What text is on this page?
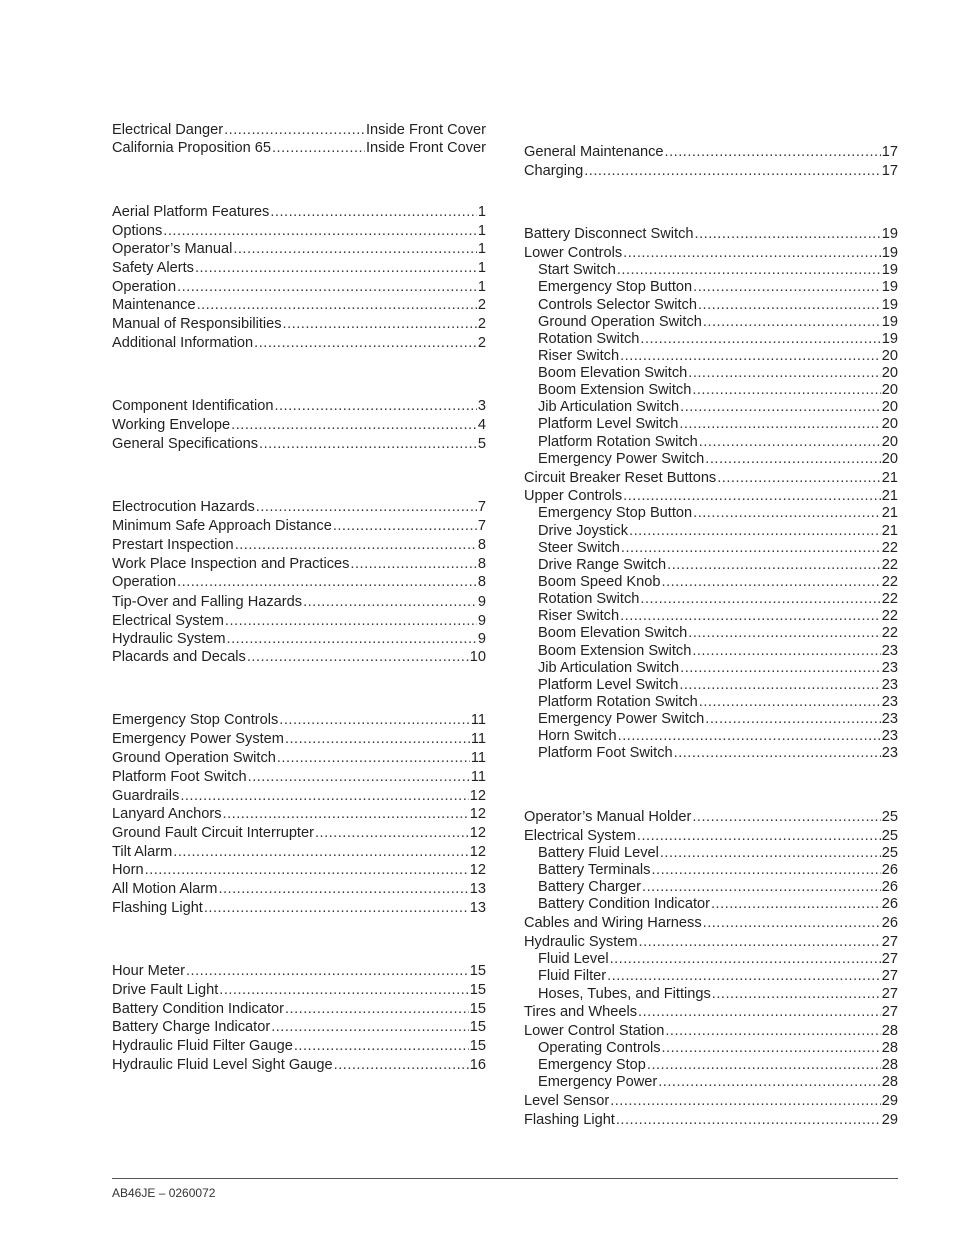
Electrical Danger .....	Inside Front Cover
California Proposition 65 .....	Inside Front Cover
Aerial Platform Features .....	1
Options .....	1
Operator’s Manual .....	1
Safety Alerts .....	1
Operation .....	1
Maintenance .....	2
Manual of Responsibilities .....	2
Additional Information .....	2
Component Identification .....	3
Working Envelope .....	4
General Specifications .....	5
Electrocution Hazards .....	7
Minimum Safe Approach Distance .....	7
Prestart Inspection .....	8
Work Place Inspection and Practices .....	8
Operation .....	8
Tip-Over and Falling Hazards .....	9
Electrical System .....	9
Hydraulic System .....	9
Placards and Decals .....	10
Emergency Stop Controls .....	11
Emergency Power System .....	11
Ground Operation Switch .....	11
Platform Foot Switch .....	11
Guardrails .....	12
Lanyard Anchors .....	12
Ground Fault Circuit Interrupter .....	12
Tilt Alarm .....	12
Horn .....	12
All Motion Alarm .....	13
Flashing Light .....	13
Hour Meter .....	15
Drive Fault Light .....	15
Battery Condition Indicator .....	15
Battery Charge Indicator .....	15
Hydraulic Fluid Filter Gauge .....	15
Hydraulic Fluid Level Sight Gauge .....	16
General Maintenance .....	17
Charging .....	17
Battery Disconnect Switch .....	19
Lower Controls .....	19
Start Switch .....	19
Emergency Stop Button .....	19
Controls Selector Switch .....	19
Ground Operation Switch .....	19
Rotation Switch .....	19
Riser Switch .....	20
Boom Elevation Switch .....	20
Boom Extension Switch .....	20
Jib Articulation Switch .....	20
Platform Level Switch .....	20
Platform Rotation Switch .....	20
Emergency Power Switch .....	20
Circuit Breaker Reset Buttons .....	21
Upper Controls .....	21
Emergency Stop Button .....	21
Drive Joystick .....	21
Steer Switch .....	22
Drive Range Switch .....	22
Boom Speed Knob .....	22
Rotation Switch .....	22
Riser Switch .....	22
Boom Elevation Switch .....	22
Boom Extension Switch .....	23
Jib Articulation Switch .....	23
Platform Level Switch .....	23
Platform Rotation Switch .....	23
Emergency Power Switch .....	23
Horn Switch .....	23
Platform Foot Switch .....	23
Operator’s Manual Holder .....	25
Electrical System .....	25
Battery Fluid Level .....	25
Battery Terminals .....	26
Battery Charger .....	26
Battery Condition Indicator .....	26
Cables and Wiring Harness .....	26
Hydraulic System .....	27
Fluid Level .....	27
Fluid Filter .....	27
Hoses, Tubes, and Fittings .....	27
Tires and Wheels .....	27
Lower Control Station .....	28
Operating Controls .....	28
Emergency Stop .....	28
Emergency Power .....	28
Level Sensor .....	29
Flashing Light .....	29
AB46JE – 0260072
